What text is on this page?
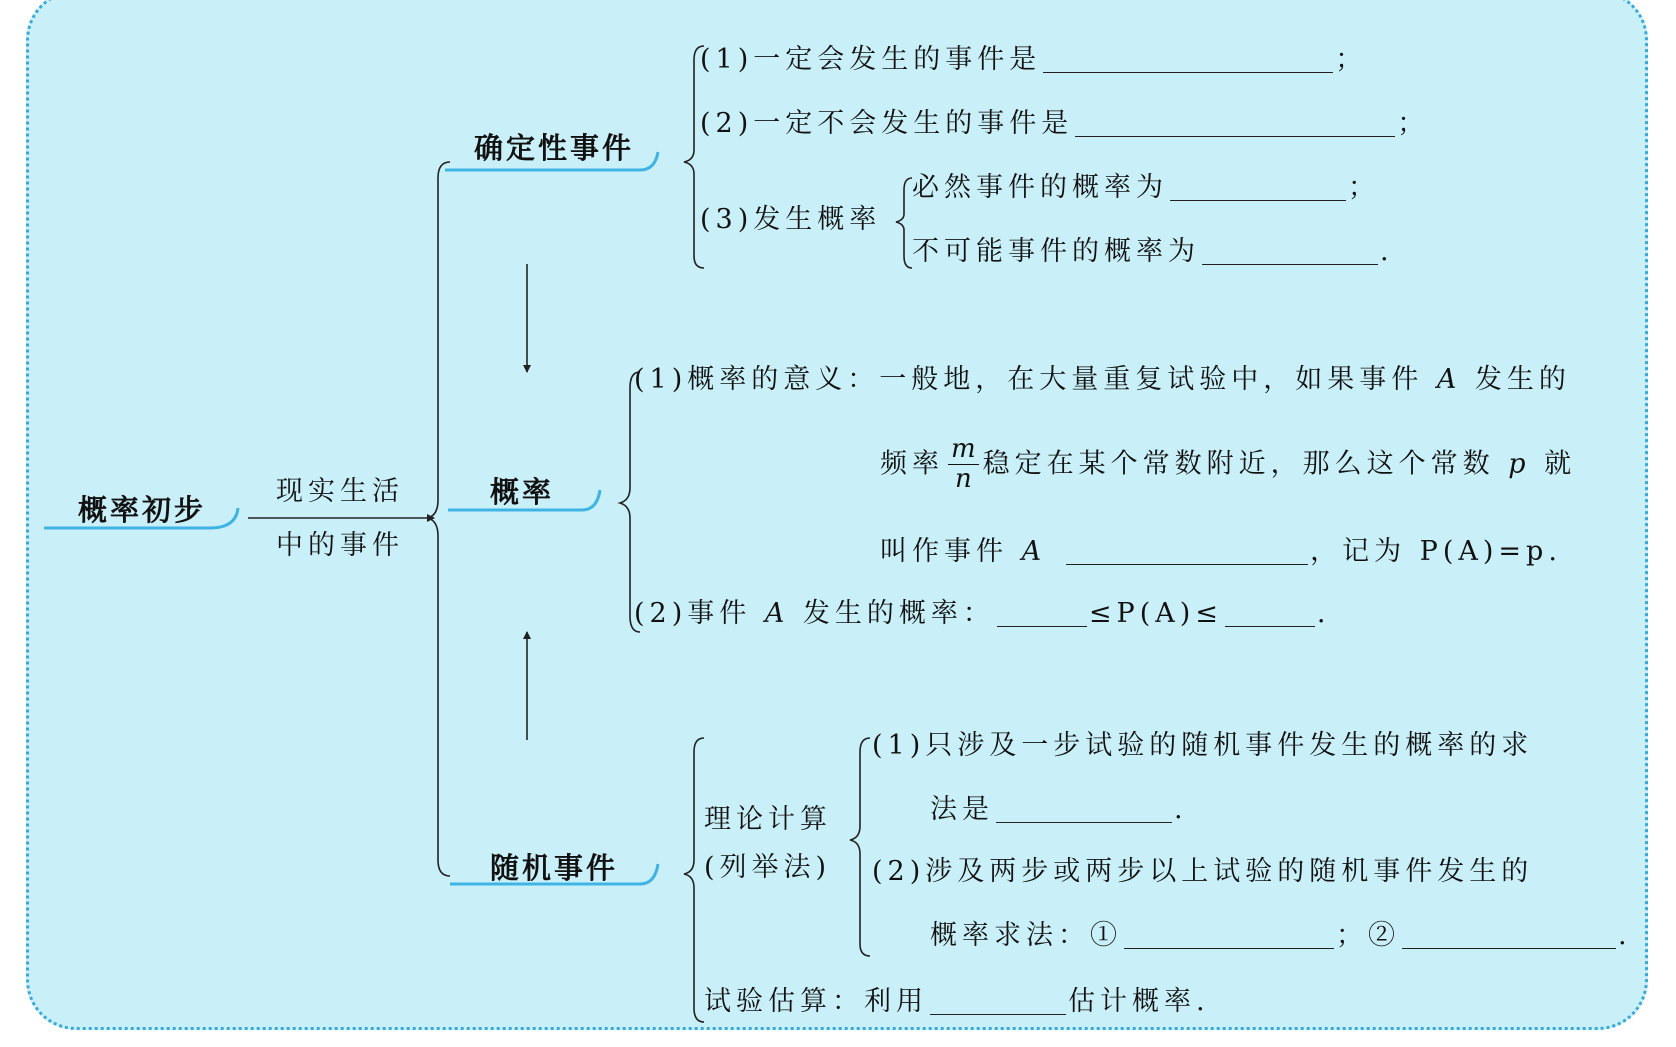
概率初步
现实生活
中的事件
确定性事件
概率
随机事件
(1)一定会发生的事件是	；
(2)一定不会发生的事件是	；
(3)发生概率
必然事件的概率为	；
不可能事件的概率为	.
(1)概率的意义：一般地，在大量重复试验中，如果事件 A 发生的
频率 $\frac{m}{n}$ 稳定在某个常数附近，那么这个常数 p 就
叫作事件 A	，记为 P(A)=p.
(2)事件 A 发生的概率：	≤P(A)≤	.
理论计算
(列举法)
(1)只涉及一步试验的随机事件发生的概率的求
法是	.
(2)涉及两步或两步以上试验的随机事件发生的
概率求法：①	；②	.
试验估算：利用	估计概率.
